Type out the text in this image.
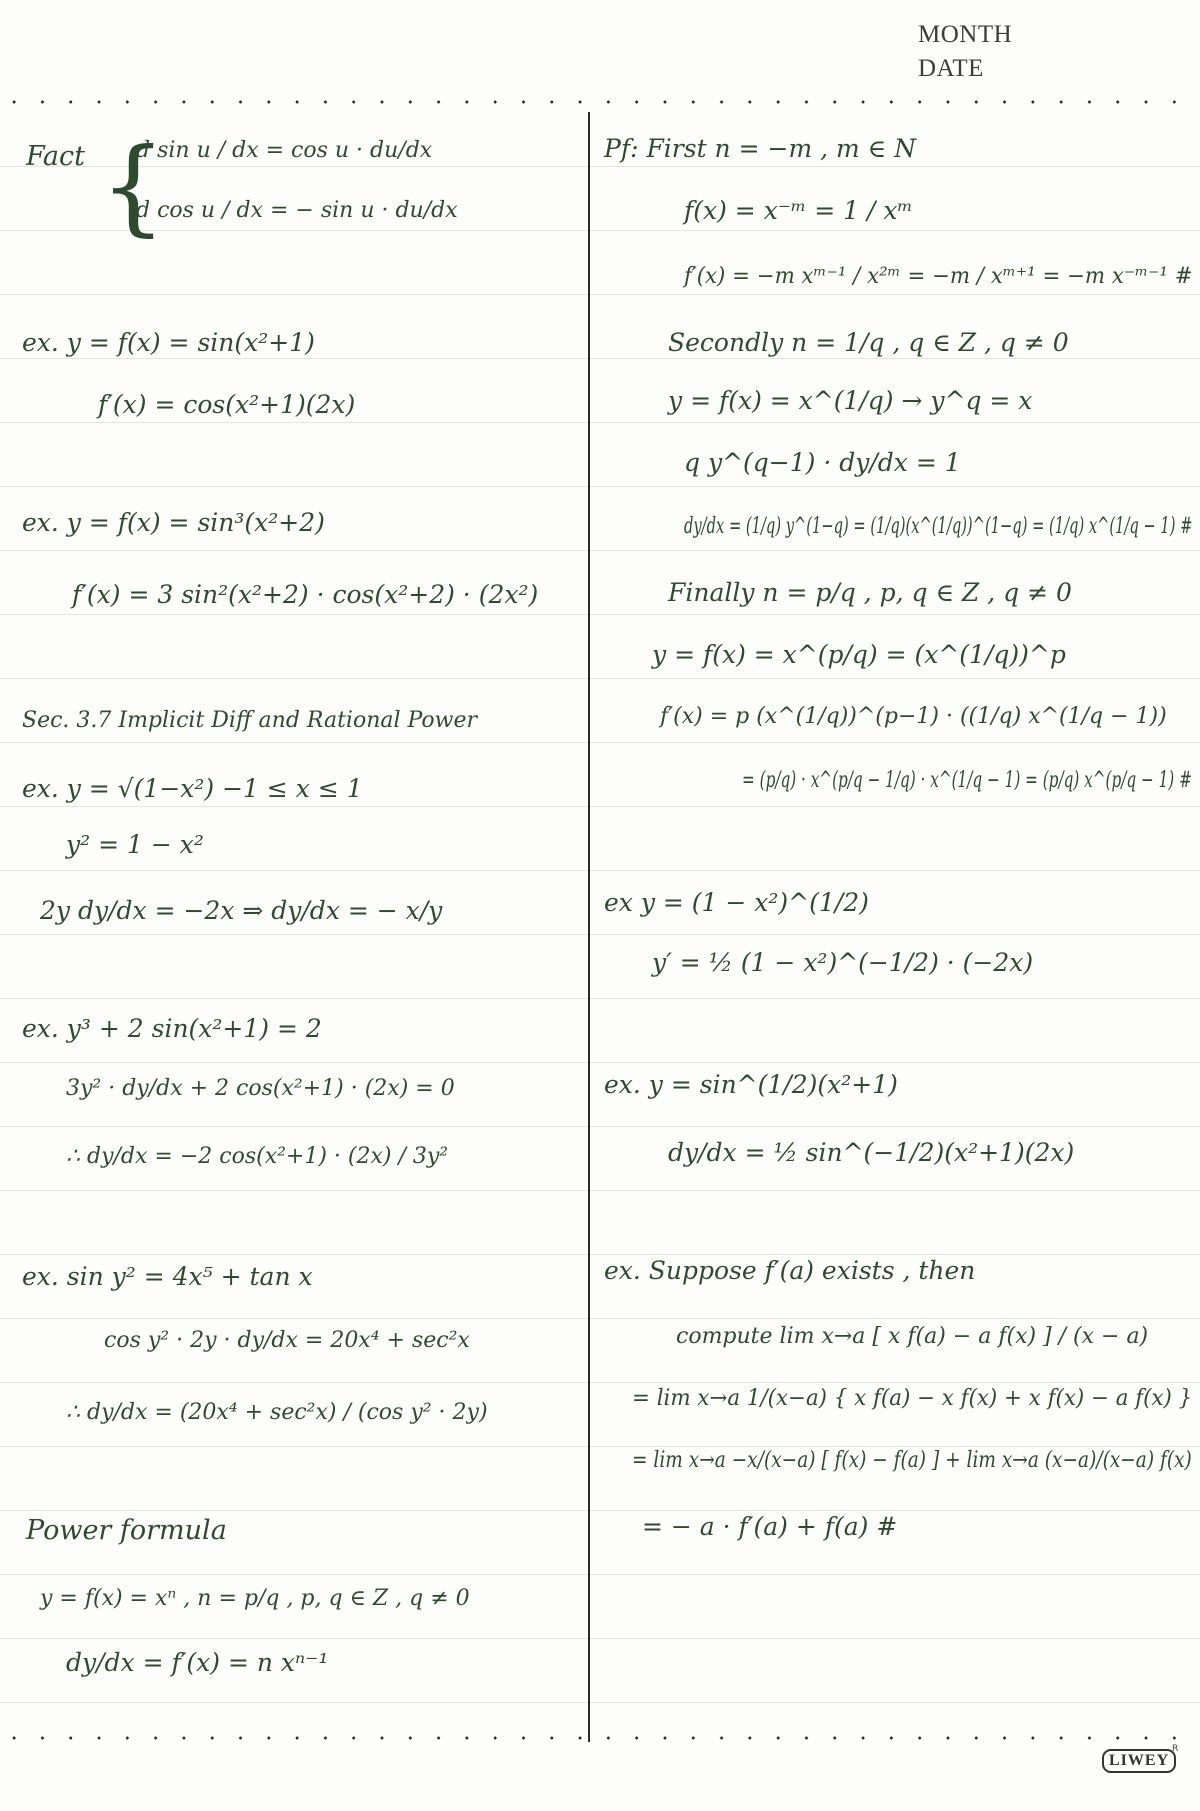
MONTH
DATE
Fact {
d sin u / dx = cos u · du/dx
d cos u / dx = − sin u · du/dx
ex. y = f(x) = sin(x²+1)
f′(x) = cos(x²+1)(2x)
ex. y = f(x) = sin³(x²+2)
f′(x) = 3 sin²(x²+2) · cos(x²+2) · (2x²)
Sec. 3.7 Implicit Diff and Rational Power
ex. y = √(1−x²) −1 ≤ x ≤ 1
y² = 1 − x²
2y dy/dx = −2x ⇒ dy/dx = − x/y
ex. y³ + 2 sin(x²+1) = 2
3y² · dy/dx + 2 cos(x²+1) · (2x) = 0
∴ dy/dx = −2 cos(x²+1) · (2x) / 3y²
ex. sin y² = 4x⁵ + tan x
cos y² · 2y · dy/dx = 20x⁴ + sec²x
∴ dy/dx = (20x⁴ + sec²x) / (cos y² · 2y)
Power formula
y = f(x) = xⁿ , n = p/q , p, q ∈ Z , q ≠ 0
dy/dx = f′(x) = n xⁿ⁻¹
Pf: First n = −m , m ∈ N
f(x) = x⁻ᵐ = 1 / xᵐ
f′(x) = −m xᵐ⁻¹ / x²ᵐ = −m / xᵐ⁺¹ = −m x⁻ᵐ⁻¹ #
Secondly n = 1/q , q ∈ Z , q ≠ 0
y = f(x) = x^(1/q) → y^q = x
q y^(q−1) · dy/dx = 1
dy/dx = (1/q) y^(1−q) = (1/q)(x^(1/q))^(1−q) = (1/q) x^(1/q − 1) #
Finally n = p/q , p, q ∈ Z , q ≠ 0
y = f(x) = x^(p/q) = (x^(1/q))^p
f′(x) = p (x^(1/q))^(p−1) · ((1/q) x^(1/q − 1))
= (p/q) · x^(p/q − 1/q) · x^(1/q − 1) = (p/q) x^(p/q − 1) #
ex y = (1 − x²)^(1/2)
y′ = ½ (1 − x²)^(−1/2) · (−2x)
ex. y = sin^(1/2)(x²+1)
dy/dx = ½ sin^(−1/2)(x²+1)(2x)
ex. Suppose f′(a) exists , then
compute lim x→a [ x f(a) − a f(x) ] / (x − a)
= lim x→a 1/(x−a) { x f(a) − x f(x) + x f(x) − a f(x) }
= lim x→a −x/(x−a) [ f(x) − f(a) ] + lim x→a (x−a)/(x−a) f(x)
= − a · f′(a) + f(a) #
LIWEY
R
